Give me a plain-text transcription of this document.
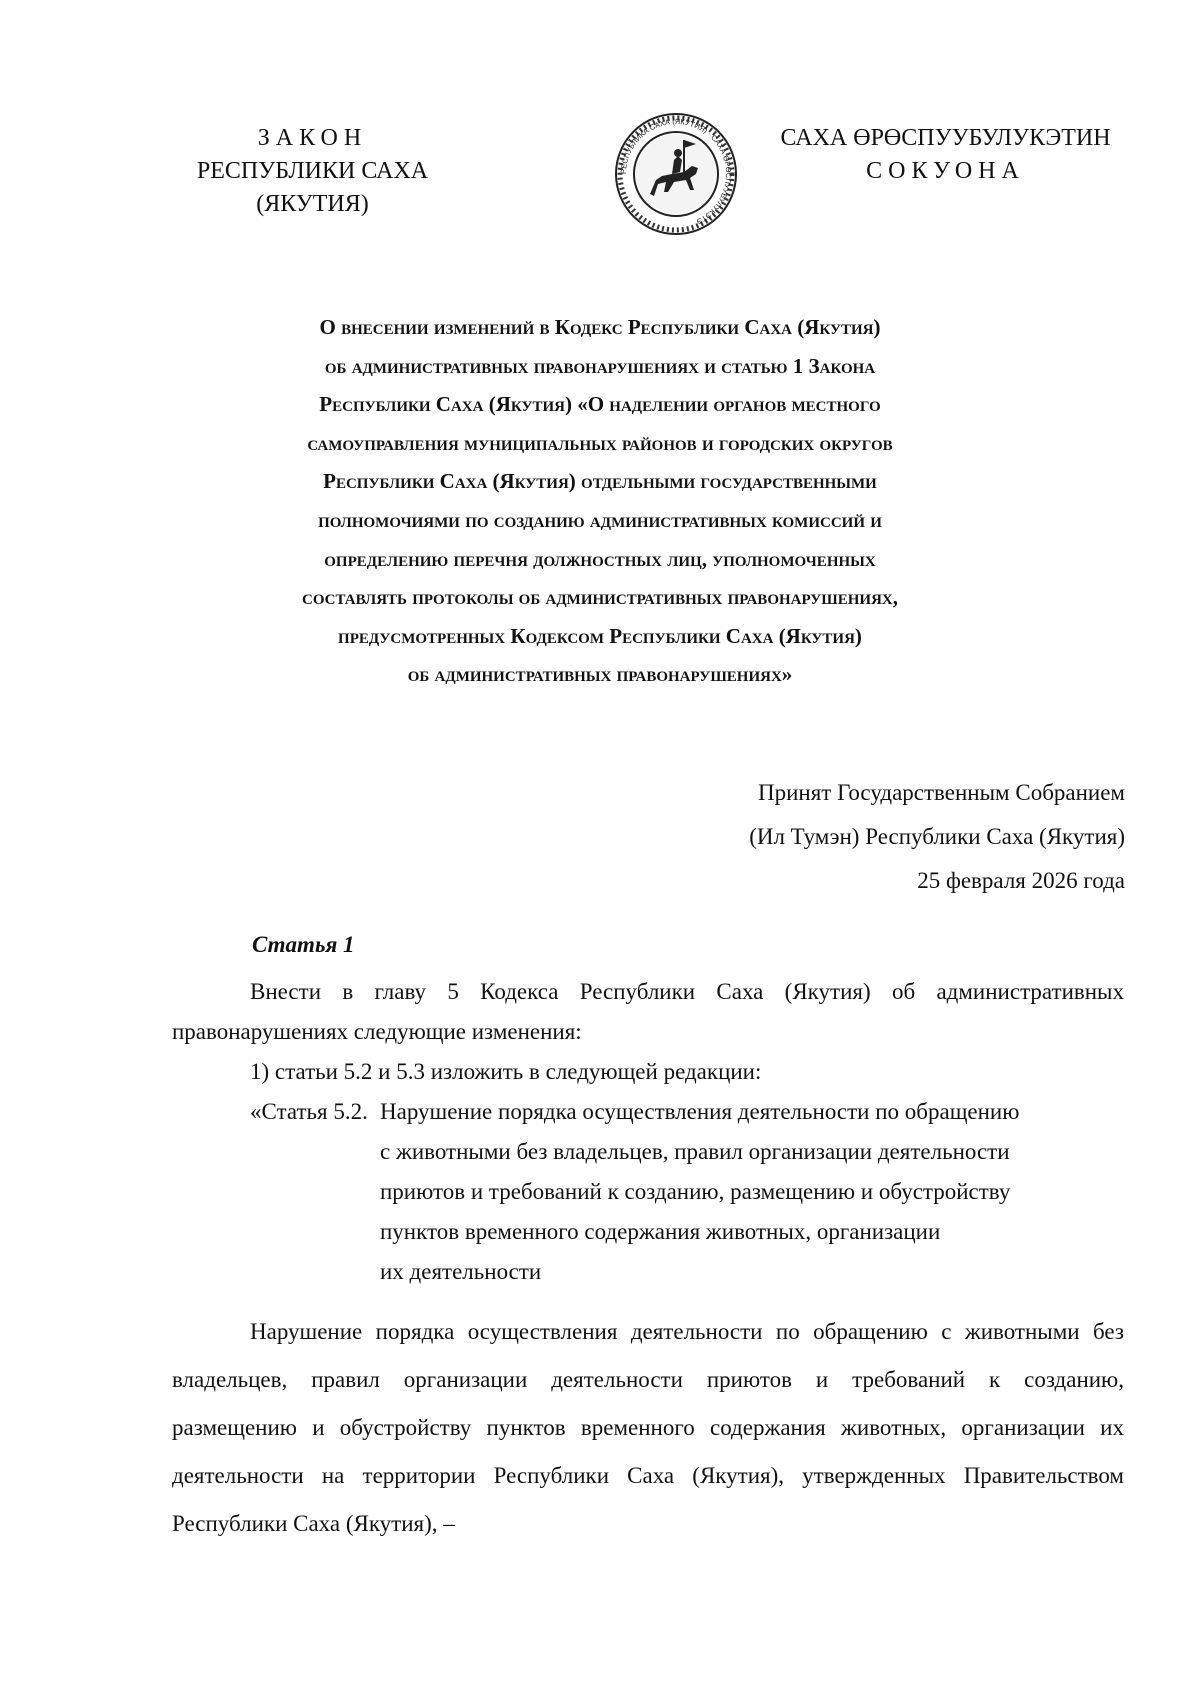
ЗАКОН
РЕСПУБЛИКИ САХА (ЯКУТИЯ)
РЕСПУБЛИКА САХА (ЯКУТИЯ) · САХА ӨРӨСПУУБУЛУКЭТЭ
САХА ӨРӨСПУУБУЛУКЭТИН
СОКУОНА
О внесении изменений в Кодекс Республики Саха (Якутия)
об административных правонарушениях и статью 1 Закона
Республики Саха (Якутия) «О наделении органов местного
самоуправления муниципальных районов и городских округов
Республики Саха (Якутия) отдельными государственными
полномочиями по созданию административных комиссий и
определению перечня должностных лиц, уполномоченных
составлять протоколы об административных правонарушениях,
предусмотренных Кодексом Республики Саха (Якутия)
об административных правонарушениях»
Принят Государственным Собранием
(Ил Тумэн) Республики Саха (Якутия)
25 февраля 2026 года
Статья 1
Внести в главу 5 Кодекса Республики Саха (Якутия) об административных
правонарушениях следующие изменения:
1) статьи 5.2 и 5.3 изложить в следующей редакции:
«Статья 5.2. Нарушение порядка осуществления деятельности по обращению
с животными без владельцев, правил организации деятельности
приютов и требований к созданию, размещению и обустройству
пунктов временного содержания животных, организации
их деятельности
Нарушение порядка осуществления деятельности по обращению с животными без
владельцев, правил организации деятельности приютов и требований к созданию,
размещению и обустройству пунктов временного содержания животных, организации их
деятельности на территории Республики Саха (Якутия), утвержденных Правительством
Республики Саха (Якутия), –
